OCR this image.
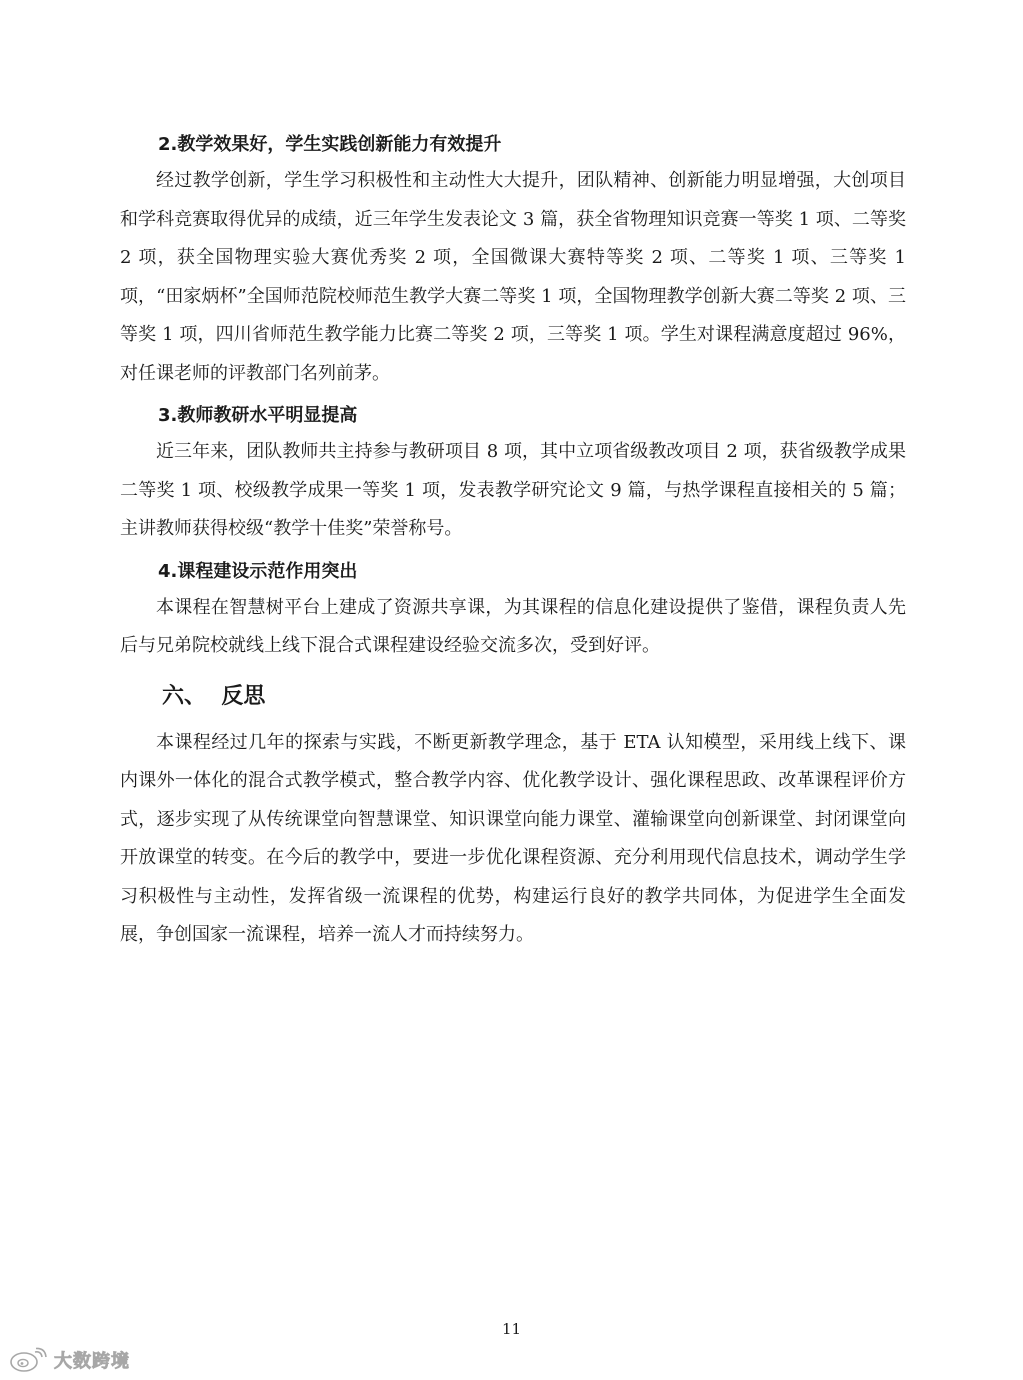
2.教学效果好，学生实践创新能力有效提升

经过教学创新，学生学习积极性和主动性大大提升，团队精神、创新能力明显增强，大创项目和学科竞赛取得优异的成绩，近三年学生发表论文 3 篇，获全省物理知识竞赛一等奖 1 项、二等奖 2 项，获全国物理实验大赛优秀奖 2 项，全国微课大赛特等奖 2 项、二等奖 1 项、三等奖 1 项，“田家炳杯”全国师范院校师范生教学大赛二等奖 1 项，全国物理教学创新大赛二等奖 2 项、三等奖 1 项，四川省师范生教学能力比赛二等奖 2 项，三等奖 1 项。学生对课程满意度超过 96%，对任课老师的评教部门名列前茅。

3.教师教研水平明显提高

近三年来，团队教师共主持参与教研项目 8 项，其中立项省级教改项目 2 项，获省级教学成果二等奖 1 项、校级教学成果一等奖 1 项，发表教学研究论文 9 篇，与热学课程直接相关的 5 篇；主讲教师获得校级“教学十佳奖”荣誉称号。

4.课程建设示范作用突出

本课程在智慧树平台上建成了资源共享课，为其课程的信息化建设提供了鉴借，课程负责人先后与兄弟院校就线上线下混合式课程建设经验交流多次，受到好评。

六、  反思

本课程经过几年的探索与实践，不断更新教学理念，基于 ETA 认知模型，采用线上线下、课内课外一体化的混合式教学模式，整合教学内容、优化教学设计、强化课程思政、改革课程评价方式，逐步实现了从传统课堂向智慧课堂、知识课堂向能力课堂、灌输课堂向创新课堂、封闭课堂向开放课堂的转变。在今后的教学中，要进一步优化课程资源、充分利用现代信息技术，调动学生学习积极性与主动性，发挥省级一流课程的优势，构建运行良好的教学共同体，为促进学生全面发展，争创国家一流课程，培养一流人才而持续努力。

11
大数跨境
